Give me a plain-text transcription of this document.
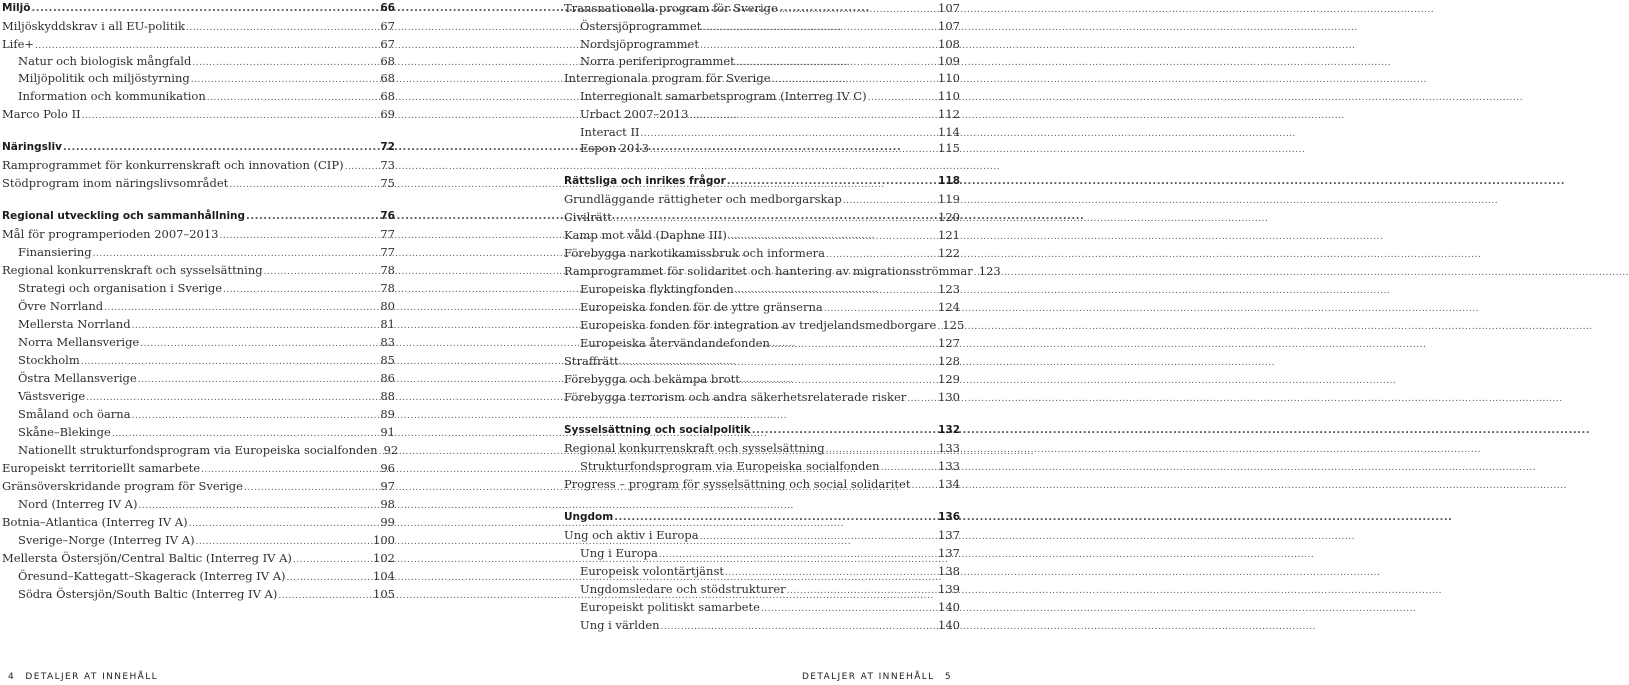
Miljö .....	66
Miljöskyddskrav i all EU-politik .....	67
Life+ .....	67
Natur och biologisk mångfald .....	68
Miljöpolitik och miljöstyrning .....	68
Information och kommunikation .....	68
Marco Polo II .....	69
Näringsliv .....	72
Ramprogrammet för konkurrenskraft och innovation (CIP) .....	73
Stödprogram inom näringslivsområdet .....	75
Regional utveckling och sammanhållning .....	76
Mål för programperioden 2007–2013 .....	77
Finansiering .....	77
Regional konkurrenskraft och sysselsättning .....	78
Strategi och organisation i Sverige .....	78
Övre Norrland .....	80
Mellersta Norrland .....	81
Norra Mellansverige .....	83
Stockholm .....	85
Östra Mellansverige .....	86
Västsverige .....	88
Småland och öarna .....	89
Skåne–Blekinge .....	91
Nationellt strukturfondsprogram via Europeiska socialfonden ..... 92
Europeiskt territoriellt samarbete .....	96
Gränsöverskridande program för Sverige .....	97
Nord (Interreg IV A) .....	98
Botnia–Atlantica (Interreg IV A) .....	99
Sverige–Norge (Interreg IV A) .....	100
Mellersta Östersjön/Central Baltic (Interreg IV A) .....	102
Öresund–Kattegatt–Skagerack (Interreg IV A) .....	104
Södra Östersjön/South Baltic (Interreg IV A) .....	105
Transnationella program för Sverige .....	107
Östersjöprogrammet .....	107
Nordsjöprogrammet .....	108
Norra periferiprogrammet .....	109
Interregionala program för Sverige .....	110
Interregionalt samarbetsprogram (Interreg IV C) .....	110
Urbact 2007–2013 .....	112
Interact II .....	114
Espon 2013 .....	115
Rättsliga och inrikes frågor .....	118
Grundläggande rättigheter och medborgarskap .....	119
Civilrätt .....	120
Kamp mot våld (Daphne III) .....	121
Förebygga narkotikamissbruk och informera .....	122
Ramprogrammet för solidaritet och hantering av migrationsströmmar ..... 123
Europeiska flyktingfonden .....	123
Europeiska fonden för de yttre gränserna .....	124
Europeiska fonden för integration av tredjelandsmedborgare ..... 125
Europeiska återvändandefonden .....	127
Straffrätt .....	128
Förebygga och bekämpa brott .....	129
Förebygga terrorism och andra säkerhetsrelaterade risker .....	130
Sysselsättning och socialpolitik .....	132
Regional konkurrenskraft och sysselsättning .....	133
Strukturfondsprogram via Europeiska socialfonden .....	133
Progress – program för sysselsättning och social solidaritet ..... 134
Ungdom .....	136
Ung och aktiv i Europa .....	137
Ung i Europa .....	137
Europeisk volontärtjänst .....	138
Ungdomsledare och stödstrukturer .....	139
Europeiskt politiskt samarbete .....	140
Ung i världen .....	140
4 DETALJER AT INNEHÅLL	DETALJER AT INNEHÅLL 5
